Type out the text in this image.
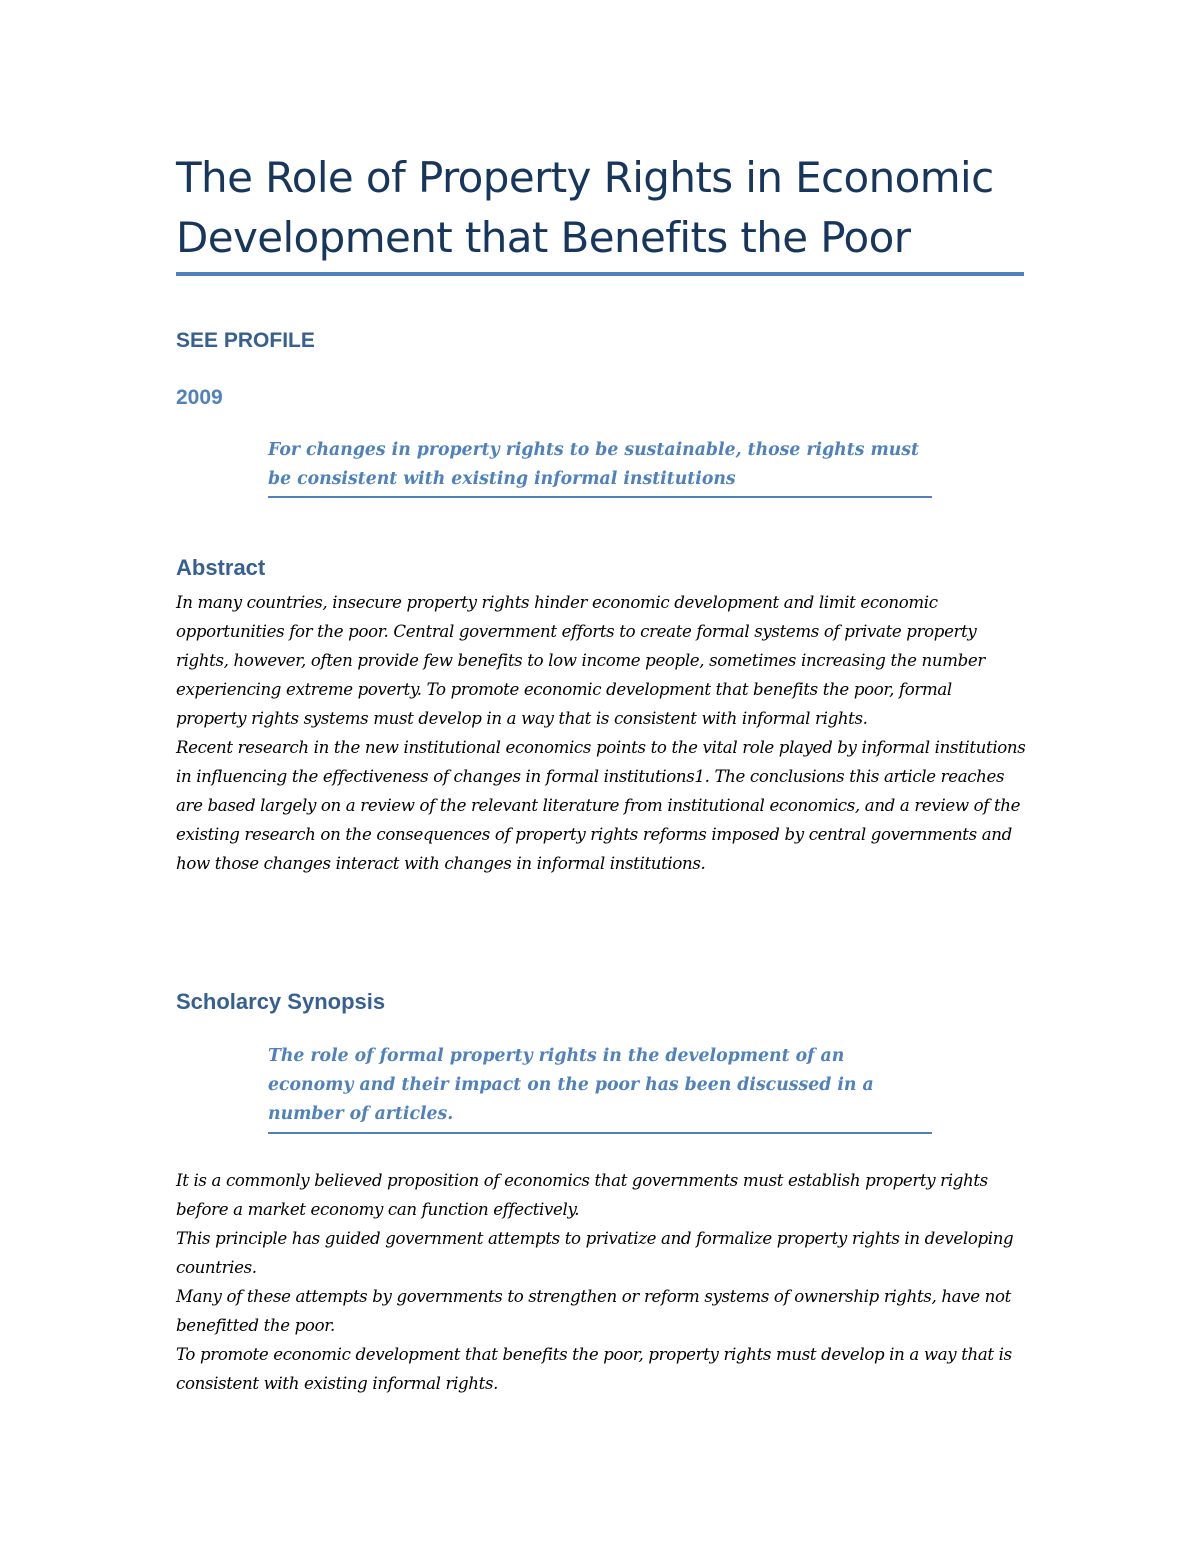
The Role of Property Rights in Economic Development that Benefits the Poor
SEE PROFILE
2009
For changes in property rights to be sustainable, those rights must be consistent with existing informal institutions
Abstract

In many countries, insecure property rights hinder economic development and limit economic opportunities for the poor. Central government efforts to create formal systems of private property rights, however, often provide few benefits to low income people, sometimes increasing the number experiencing extreme poverty. To promote economic development that benefits the poor, formal property rights systems must develop in a way that is consistent with informal rights.

Recent research in the new institutional economics points to the vital role played by informal institutions in influencing the effectiveness of changes in formal institutions1. The conclusions this article reaches are based largely on a review of the relevant literature from institutional economics, and a review of the existing research on the consequences of property rights reforms imposed by central governments and how those changes interact with changes in informal institutions.

Scholarcy Synopsis
The role of formal property rights in the development of an economy and their impact on the poor has been discussed in a number of articles.

It is a commonly believed proposition of economics that governments must establish property rights before a market economy can function effectively.

This principle has guided government attempts to privatize and formalize property rights in developing countries.

Many of these attempts by governments to strengthen or reform systems of ownership rights, have not benefitted the poor.

To promote economic development that benefits the poor, property rights must develop in a way that is consistent with existing informal rights.
